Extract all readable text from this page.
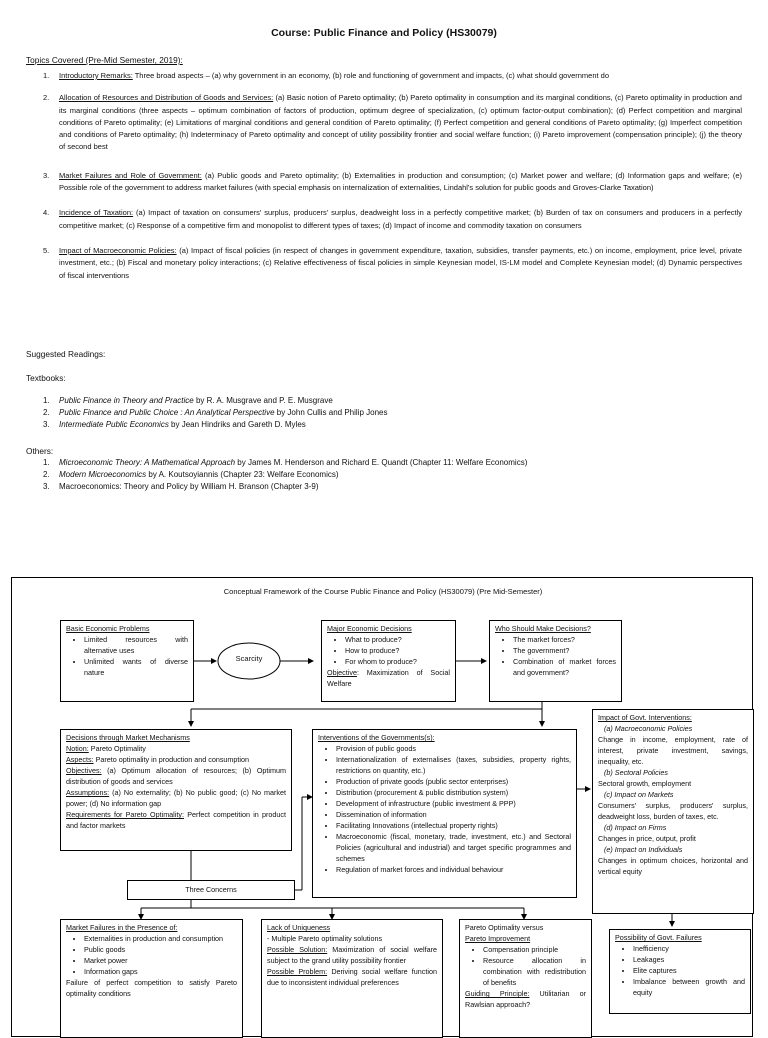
Course: Public Finance and Policy (HS30079)
Topics Covered (Pre-Mid Semester, 2019):
1. Introductory Remarks: Three broad aspects – (a) why government in an economy, (b) role and functioning of government and impacts, (c) what should government do
2. Allocation of Resources and Distribution of Goods and Services: (a) Basic notion of Pareto optimality; (b) Pareto optimality in consumption and its marginal conditions, (c) Pareto optimality in production and its marginal conditions (three aspects – optimum combination of factors of production, optimum degree of specialization, (c) optimum factor-output combination); (d) Perfect competition and marginal conditions of Pareto optimality; (e) Limitations of marginal conditions and general condition of Pareto optimality; (f) Perfect competition and general conditions of Pareto optimality; (g) Imperfect competition and conditions of Pareto optimality; (h) Indeterminacy of Pareto optimality and concept of utility possibility frontier and social welfare function; (i) Pareto improvement (compensation principle); (j) the theory of second best
3. Market Failures and Role of Government: (a) Public goods and Pareto optimality; (b) Externalities in production and consumption; (c) Market power and welfare; (d) Information gaps and welfare; (e) Possible role of the government to address market failures (with special emphasis on internalization of externalities, Lindahl's solution for public goods and Groves-Clarke Taxation)
4. Incidence of Taxation: (a) Impact of taxation on consumers' surplus, producers' surplus, deadweight loss in a perfectly competitive market; (b) Burden of tax on consumers and producers in a perfectly competitive market; (c) Response of a competitive firm and monopolist to different types of taxes; (d) Impact of income and commodity taxation on consumers
5. Impact of Macroeconomic Policies: (a) Impact of fiscal policies (in respect of changes in government expenditure, taxation, subsidies, transfer payments, etc.) on income, employment, price level, private investment, etc.; (b) Fiscal and monetary policy interactions; (c) Relative effectiveness of fiscal policies in simple Keynesian model, IS-LM model and Complete Keynesian model; (d) Dynamic perspectives of fiscal interventions
Suggested Readings:
Textbooks:
1. Public Finance in Theory and Practice by R. A. Musgrave and P. E. Musgrave
2. Public Finance and Public Choice : An Analytical Perspective by John Cullis and Philip Jones
3. Intermediate Public Economics by Jean Hindriks and Gareth D. Myles
Others:
1. Microeconomic Theory: A Mathematical Approach by James M. Henderson and Richard E. Quandt (Chapter 11: Welfare Economics)
2. Modern Microeconomics by A. Koutsoyiannis (Chapter 23: Welfare Economics)
3. Macroeconomics: Theory and Policy by William H. Branson (Chapter 3-9)
Conceptual Framework of the Course Public Finance and Policy (HS30079) (Pre Mid-Semester)
Basic Economic Problems
• Limited resources with alternative uses
• Unlimited wants of diverse nature
Scarcity
Major Economic Decisions
• What to produce?
• How to produce?
• For whom to produce?
Objective: Maximization of Social Welfare
Who Should Make Decisions?
• The market forces?
• The government?
• Combination of market forces and government?
Decisions through Market Mechanisms
Notion: Pareto Optimality
Aspects: Pareto optimality in production and consumption
Objectives: (a) Optimum allocation of resources; (b) Optimum distribution of goods and services
Assumptions: (a) No externality; (b) No public good; (c) No market power; (d) No information gap
Requirements for Pareto Optimality: Perfect competition in product and factor markets
Three Concerns
Interventions of the Governments(s):
• Provision of public goods
• Internationalization of externalises (taxes, subsidies, property rights, restrictions on quantity, etc.)
• Production of private goods (public sector enterprises)
• Distribution (procurement & public distribution system)
• Development of infrastructure (public investment & PPP)
• Dissemination of information
• Facilitating Innovations (intellectual property rights)
• Macroeconomic (fiscal, monetary, trade, investment, etc.) and Sectoral Policies (agricultural and industrial) and target specific programmes and schemes
• Regulation of market forces and individual behaviour
Impact of Govt. Interventions:
(a) Macroeconomic Policies
Change in income, employment, rate of interest, private investment, savings, inequality, etc.
(b) Sectoral Policies
Sectoral growth, employment
(c) Impact on Markets
Consumers' surplus, producers' surplus, deadweight loss, burden of taxes, etc.
(d) Impact on Firms
Changes in price, output, profit
(e) Impact on Individuals
Changes in optimum choices, horizontal and vertical equity
Market Failures in the Presence of:
• Externalities in production and consumption
• Public goods
• Market power
• Information gaps
Failure of perfect competition to satisfy Pareto optimality conditions
Lack of Uniqueness
- Multiple Pareto optimality solutions
Possible Solution: Maximization of social welfare subject to the grand utility possibility frontier
Possible Problem: Deriving social welfare function due to inconsistent individual preferences
Pareto Optimality versus
Pareto Improvement
• Compensation principle
• Resource allocation in combination with redistribution of benefits
Guiding Principle: Utilitarian or Rawlsian approach?
Possibility of Govt. Failures
• Inefficiency
• Leakages
• Elite captures
• Imbalance between growth and equity
